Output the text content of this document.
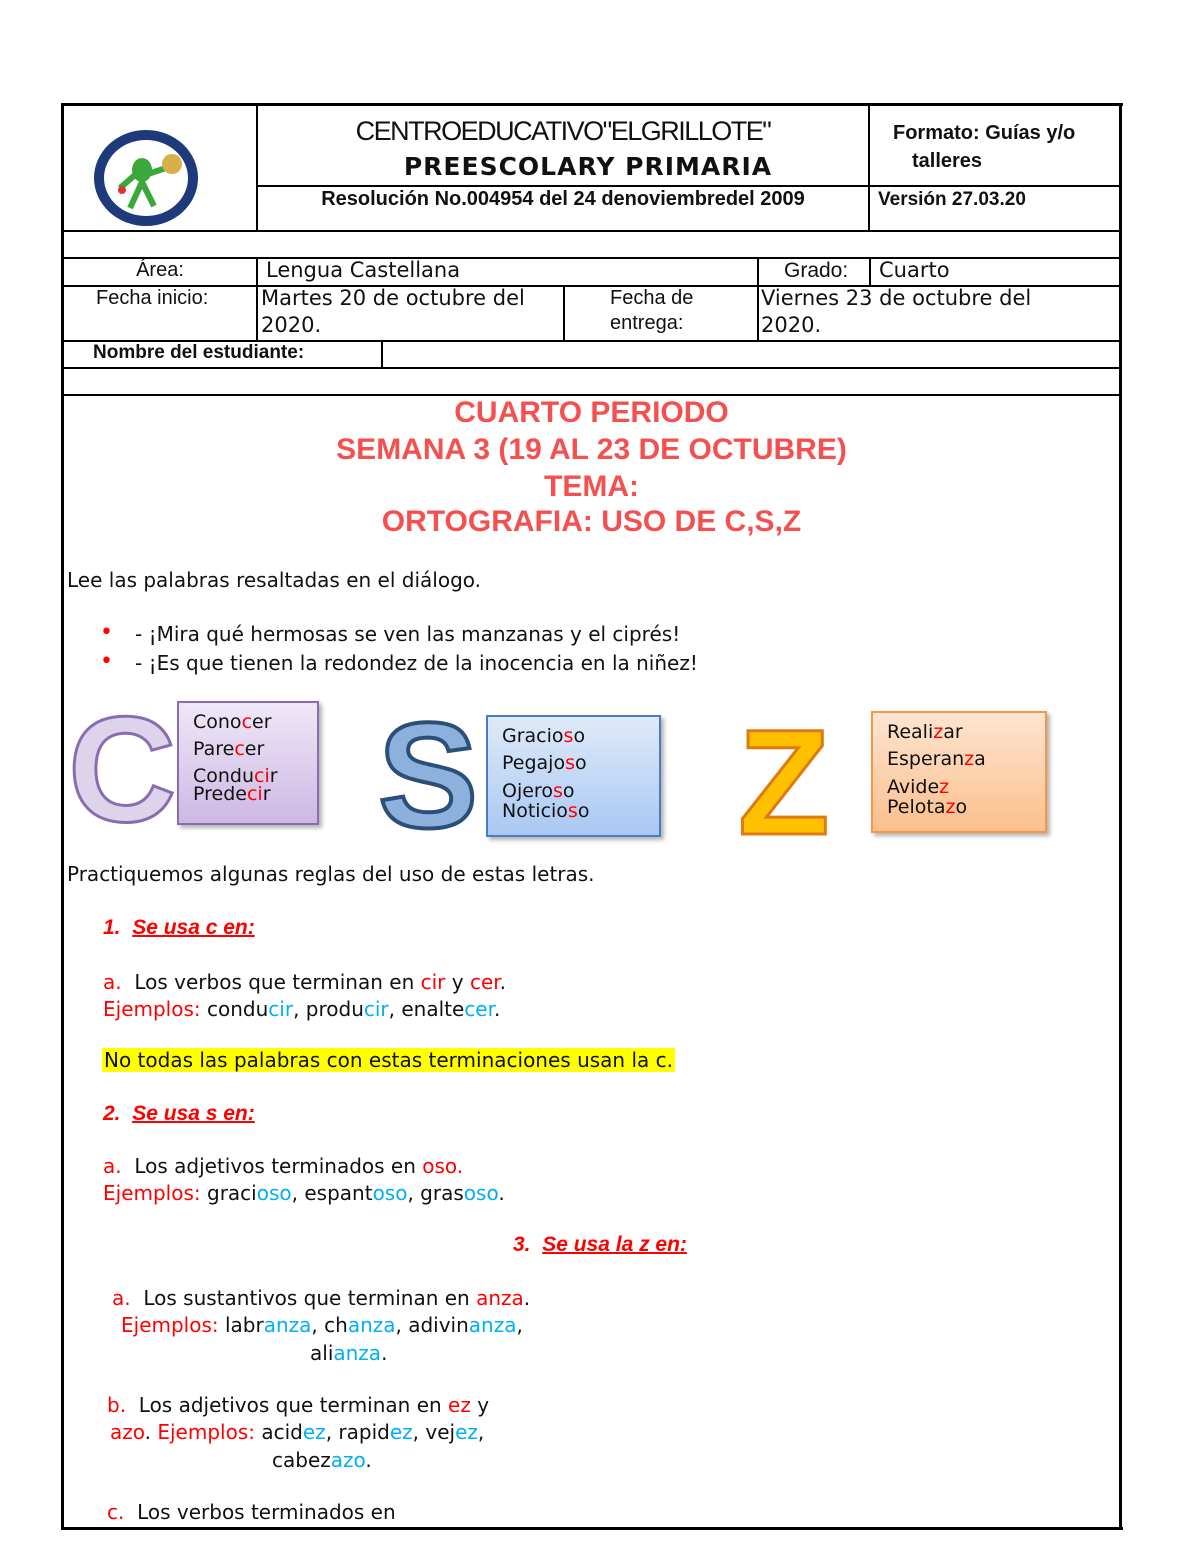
CENTROEDUCATIVO"ELGRILLOTE"
PREESCOLARY PRIMARIA
Resolución No.004954 del 24 denoviembredel 2009
Formato: Guías y/o
talleres
Versión 27.03.20
Área:	Lengua Castellana	Grado: Cuarto
Fecha inicio:	Martes 20 de octubre del
2020.
Fecha de
entrega:
Viernes 23 de octubre del
2020.
Nombre del estudiante:
CUARTO PERIODO
SEMANA 3 (19 AL 23 DE OCTUBRE)
TEMA:
ORTOGRAFIA: USO DE C,S,Z
Lee las palabras resaltadas en el diálogo.
• - ¡Mira qué hermosas se ven las manzanas y el ciprés!
• - ¡Es que tienen la redondez de la inocencia en la niñez!
C Conocer
Parecer
Conducir
Predecir S Gracioso
Pegajoso
Ojeroso
Noticioso Z	Realizar
Esperanza
Avidez
Pelotazo
Practiquemos algunas reglas del uso de estas letras.
1. Se usa c en:
a. Los verbos que terminan en cir y cer.
Ejemplos: conducir, producir, enaltecer.
No todas las palabras con estas terminaciones usan la c.
2. Se usa s en:
a. Los adjetivos terminados en oso.
Ejemplos: gracioso, espantoso, grasoso.
3. Se usa la z en:
a. Los sustantivos que terminan en anza.
Ejemplos: labranza, chanza, adivinanza,
alianza.
b. Los adjetivos que terminan en ez y
azo. Ejemplos: acidez, rapidez, vejez,
cabezazo.
c. Los verbos terminados en
